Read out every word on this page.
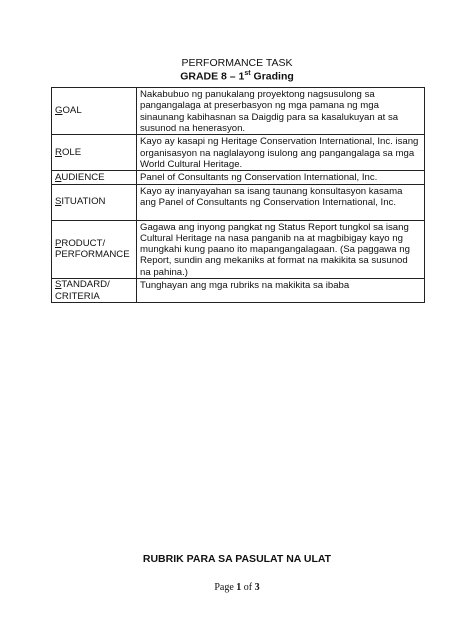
PERFORMANCE TASK
GRADE 8 – 1st Grading
GOAL	Nakabubuo ng panukalang proyektong nagsusulong sa pangangalaga at preserbasyon ng mga pamana ng mga sinaunang kabihasnan sa Daigdig para sa kasalukuyan at sa susunod na henerasyon.
ROLE	Kayo ay kasapi ng Heritage Conservation International, Inc. isang organisasyon na naglalayong isulong ang pangangalaga sa mga World Cultural Heritage.
AUDIENCE	Panel of Consultants ng Conservation International, Inc.
SITUATION	Kayo ay inanyayahan sa isang taunang konsultasyon kasama ang Panel of Consultants ng Conservation International, Inc.
PRODUCT/ PERFORMANCE	Gagawa ang inyong pangkat ng Status Report tungkol sa isang Cultural Heritage na nasa panganib na at magbibigay kayo ng mungkahi kung paano ito mapangangalagaan. (Sa paggawa ng Report, sundin ang mekaniks at format na makikita sa susunod na pahina.)
STANDARD/ CRITERIA	Tunghayan ang mga rubriks na makikita sa ibaba
RUBRIK PARA SA PASULAT NA ULAT
Page 1 of 3
